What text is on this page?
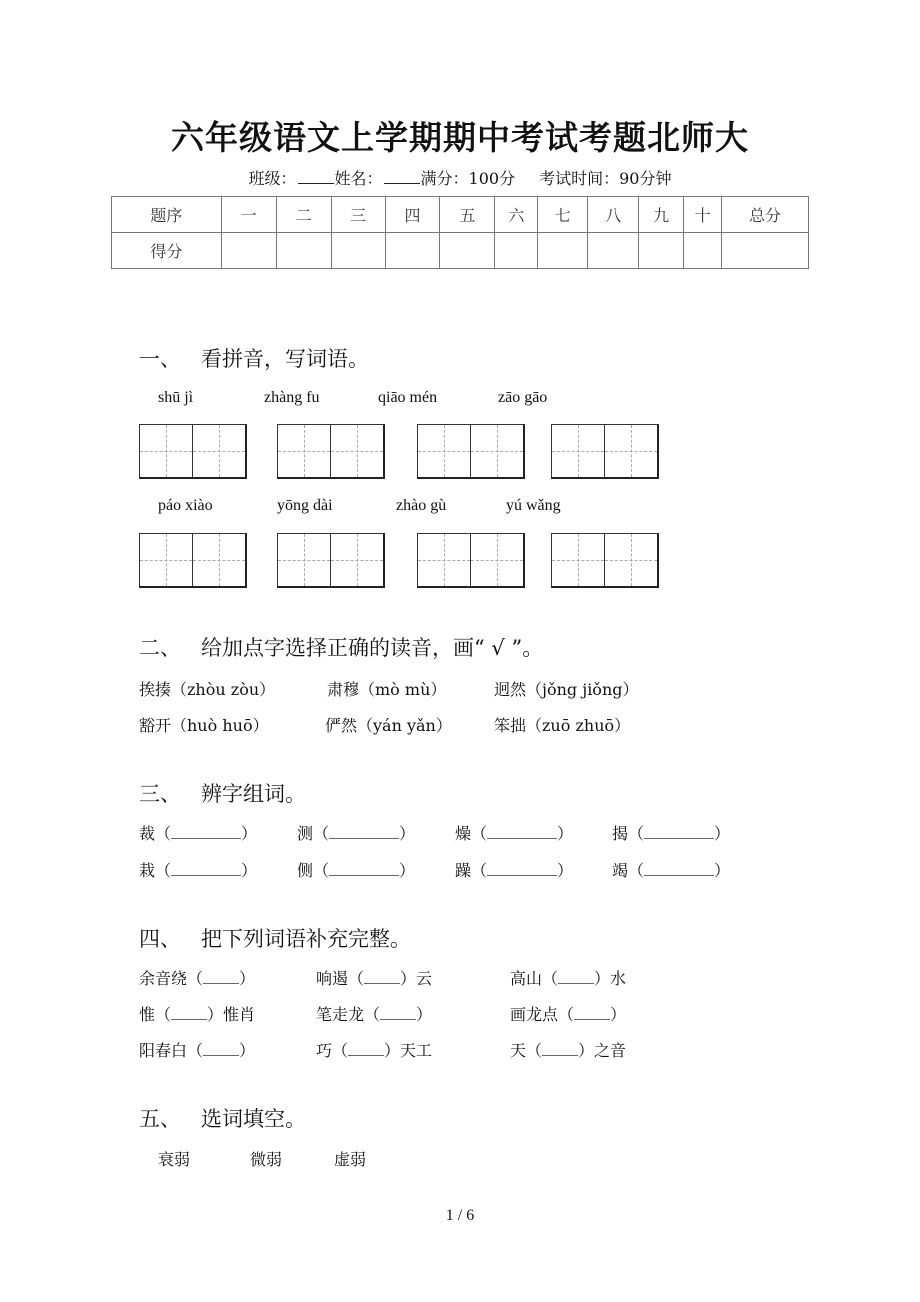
六年级语文上学期期中考试考题北师大
班级： 姓名： 满分：100分 考试时间：90分钟
题序	一	二	三	四	五	六	七	八	九	十	总分
得分											
一、 看拼音，写词语。
shū jì	zhàng fu	qiāo mén	zāo gāo
páo xiào	yōng dài	zhào gù	yú wǎng
二、 给加点字选择正确的读音，画“ √ ”。
挨揍（zhòu zòu）	肃穆（mò mù）	迥然（jǒng jiǒng）
豁开（huò huō）	俨然（yán yǎn）	笨拙（zuō zhuō）
三、 辨字组词。
裁（	） 测（	） 燥（	） 揭（	）
栽（	） 侧（	） 躁（	） 竭（	）
四、 把下列词语补充完整。
余音绕（ ）	响遏（ ）云	高山（ ）水
惟（ ）惟肖	笔走龙（ ）	画龙点（ ）
阳春白（ ）	巧（ ）天工	天（ ）之音
五、 选词填空。
衰弱	微弱	虚弱
1 / 6
